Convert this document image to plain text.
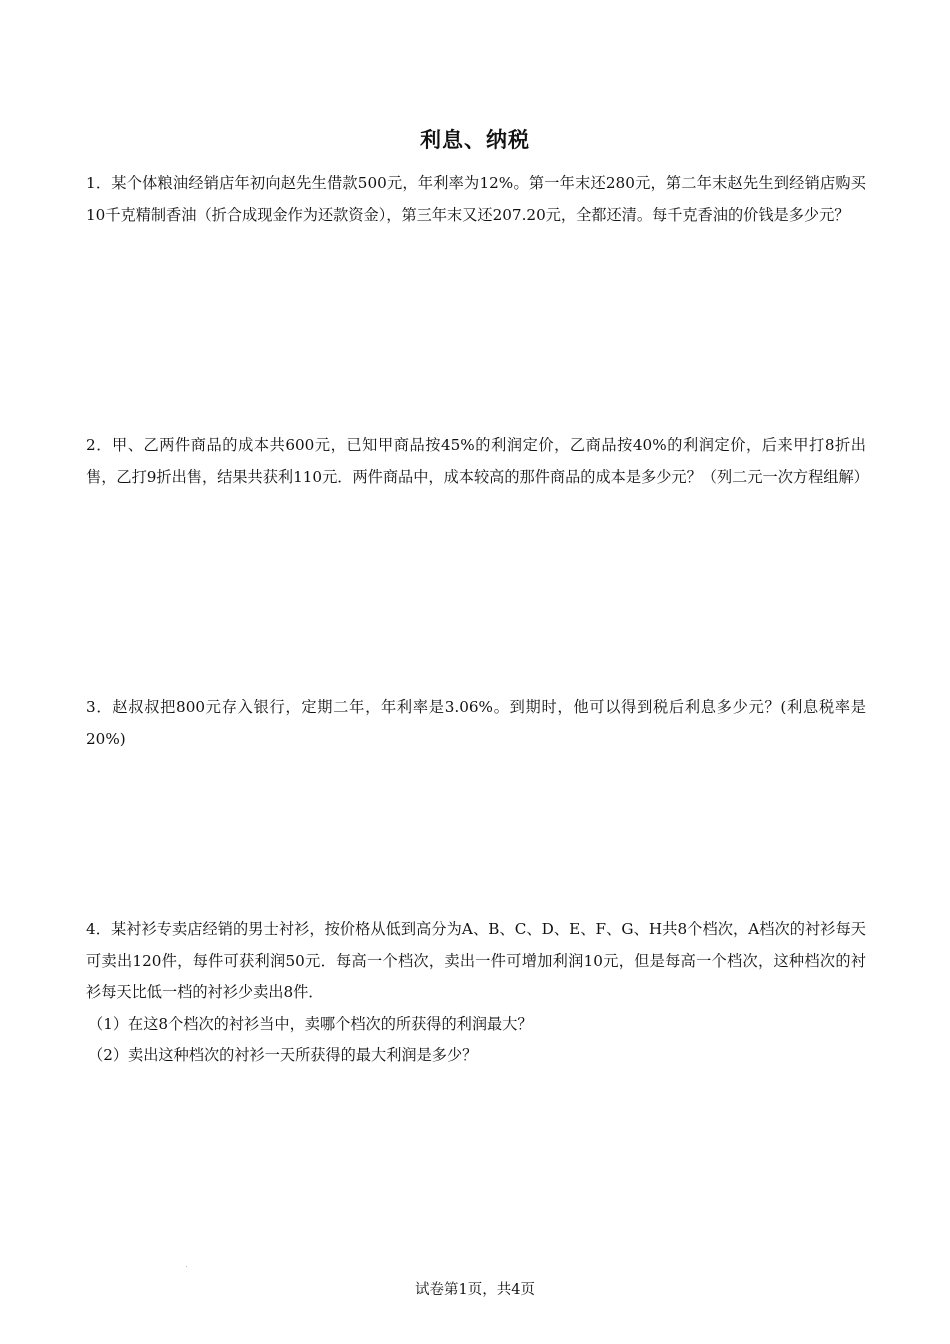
利息、纳税
1．某个体粮油经销店年初向赵先生借款500元，年利率为12%。第一年末还280元，第二年末赵先生到经销店购买10千克精制香油（折合成现金作为还款资金），第三年末又还207.20元，全都还清。每千克香油的价钱是多少元？
2．甲、乙两件商品的成本共600元，已知甲商品按45%的利润定价，乙商品按40%的利润定价，后来甲打8折出售，乙打9折出售，结果共获利110元．两件商品中，成本较高的那件商品的成本是多少元？（列二元一次方程组解）
3．赵叔叔把800元存入银行，定期二年，年利率是3.06%。到期时，他可以得到税后利息多少元？(利息税率是20%)
4．某衬衫专卖店经销的男士衬衫，按价格从低到高分为A、B、C、D、E、F、G、H共8个档次，A档次的衬衫每天可卖出120件，每件可获利润50元．每高一个档次，卖出一件可增加利润10元，但是每高一个档次，这种档次的衬衫每天比低一档的衬衫少卖出8件．
（1）在这8个档次的衬衫当中，卖哪个档次的所获得的利润最大？
（2）卖出这种档次的衬衫一天所获得的最大利润是多少？
试卷第1页，共4页
